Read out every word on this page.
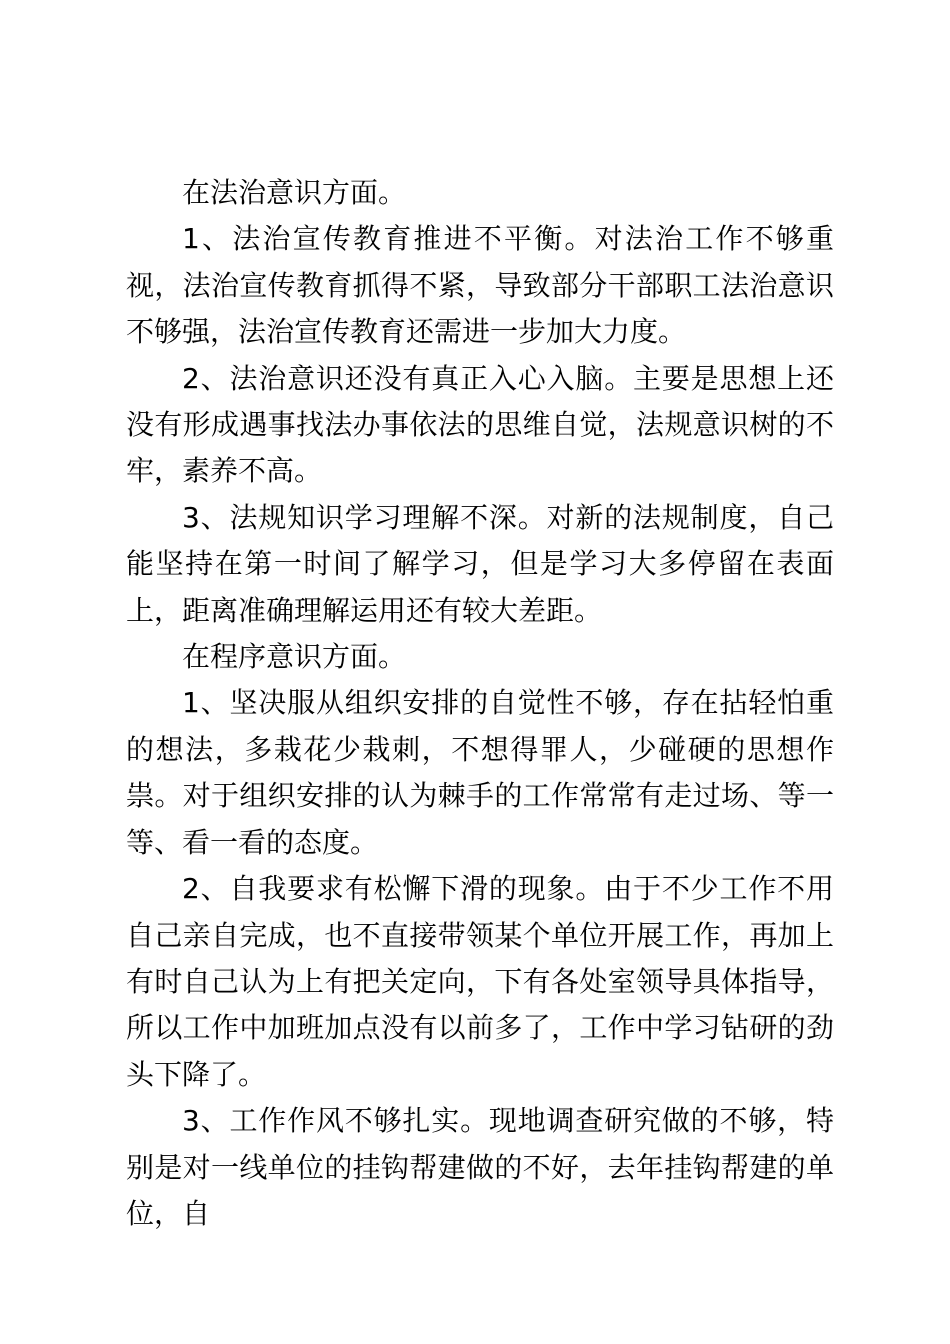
在法治意识方面。

1、法治宣传教育推进不平衡。对法治工作不够重视，法治宣传教育抓得不紧，导致部分干部职工法治意识不够强，法治宣传教育还需进一步加大力度。

2、法治意识还没有真正入心入脑。主要是思想上还没有形成遇事找法办事依法的思维自觉，法规意识树的不牢，素养不高。

3、法规知识学习理解不深。对新的法规制度，自己能坚持在第一时间了解学习，但是学习大多停留在表面上，距离准确理解运用还有较大差距。

在程序意识方面。

1、坚决服从组织安排的自觉性不够，存在拈轻怕重的想法，多栽花少栽刺，不想得罪人，少碰硬的思想作祟。对于组织安排的认为棘手的工作常常有走过场、等一等、看一看的态度。

2、自我要求有松懈下滑的现象。由于不少工作不用自己亲自完成，也不直接带领某个单位开展工作，再加上有时自己认为上有把关定向，下有各处室领导具体指导，所以工作中加班加点没有以前多了，工作中学习钻研的劲头下降了。

3、工作作风不够扎实。现地调查研究做的不够，特别是对一线单位的挂钩帮建做的不好，去年挂钩帮建的单位，自
